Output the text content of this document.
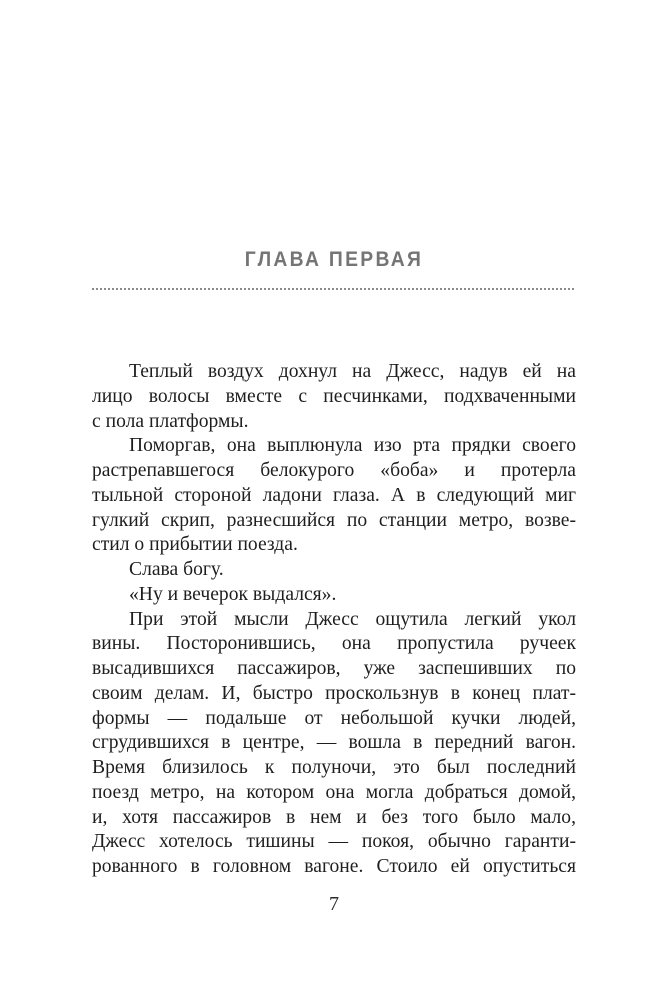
ГЛАВА ПЕРВАЯ
Теплый воздух дохнул на Джесс, надув ей на
лицо волосы вместе с песчинками, подхваченными
с пола платформы.
Поморгав, она выплюнула изо рта прядки своего
растрепавшегося белокурого «боба» и протерла
тыльной стороной ладони глаза. А в следующий миг
гулкий скрип, разнесшийся по станции метро, возве-
стил о прибытии поезда.
Слава богу.
«Ну и вечерок выдался».
При этой мысли Джесс ощутила легкий укол
вины. Посторонившись, она пропустила ручеек
высадившихся пассажиров, уже заспешивших по
своим делам. И, быстро проскользнув в конец плат-
формы — подальше от небольшой кучки людей,
сгрудившихся в центре, — вошла в передний вагон.
Время близилось к полуночи, это был последний
поезд метро, на котором она могла добраться домой,
и, хотя пассажиров в нем и без того было мало,
Джесс хотелось тишины — покоя, обычно гаранти-
рованного в головном вагоне. Стоило ей опуститься
7
